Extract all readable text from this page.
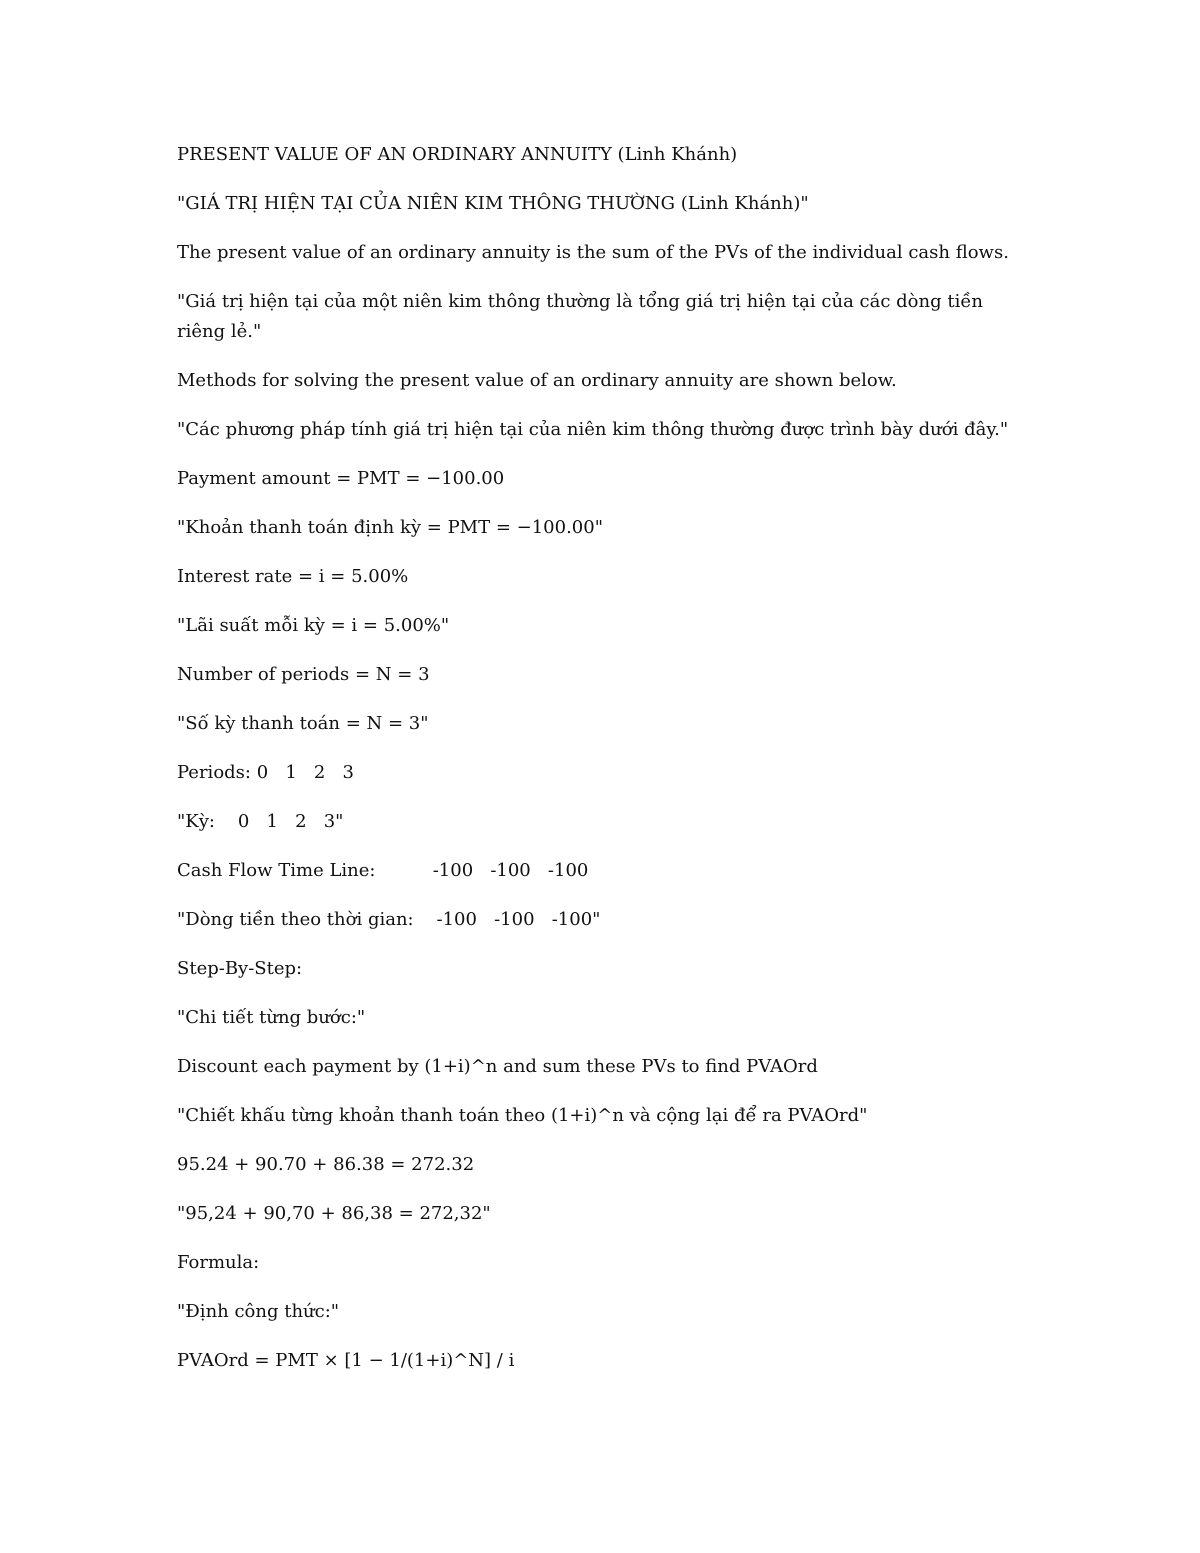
PRESENT VALUE OF AN ORDINARY ANNUITY (Linh Khánh)

"GIÁ TRỊ HIỆN TẠI CỦA NIÊN KIM THÔNG THƯỜNG (Linh Khánh)"

The present value of an ordinary annuity is the sum of the PVs of the individual cash flows.

"Giá trị hiện tại của một niên kim thông thường là tổng giá trị hiện tại của các dòng tiền riêng lẻ."

Methods for solving the present value of an ordinary annuity are shown below.

"Các phương pháp tính giá trị hiện tại của niên kim thông thường được trình bày dưới đây."

Payment amount = PMT = −100.00

"Khoản thanh toán định kỳ = PMT = −100.00"

Interest rate = i = 5.00%

"Lãi suất mỗi kỳ = i = 5.00%"

Number of periods = N = 3

"Số kỳ thanh toán = N = 3"

Periods: 0   1   2   3

"Kỳ:    0   1   2   3"

Cash Flow Time Line:          -100   -100   -100

"Dòng tiền theo thời gian:    -100   -100   -100"

Step-By-Step:

"Chi tiết từng bước:"

Discount each payment by (1+i)^n and sum these PVs to find PVAOrd

"Chiết khấu từng khoản thanh toán theo (1+i)^n và cộng lại để ra PVAOrd"

95.24 + 90.70 + 86.38 = 272.32

"95,24 + 90,70 + 86,38 = 272,32"

Formula:

"Định công thức:"

PVAOrd = PMT × [1 − 1/(1+i)^N] / i
